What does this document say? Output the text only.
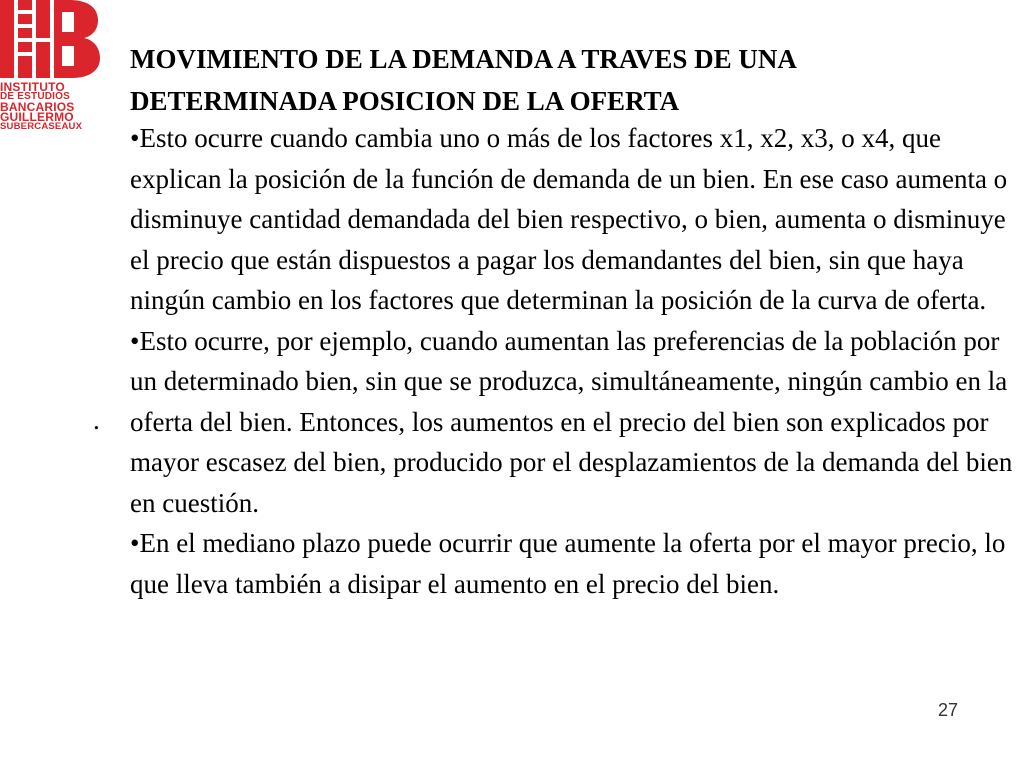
INSTITUTO
DE ESTUDIOS
BANCARIOS
GUILLERMO
SUBERCASEAUX
.
MOVIMIENTO DE LA DEMANDA A TRAVES DE UNA
DETERMINADA POSICION DE LA OFERTA

•Esto ocurre cuando cambia uno o más de los factores x1, x2, x3, o x4, que explican la posición de la función de demanda de un bien. En ese caso aumenta o disminuye cantidad demandada del bien respectivo, o bien, aumenta o disminuye el precio que están dispuestos a pagar los demandantes del bien, sin que haya ningún cambio en los factores que determinan la posición de la curva de oferta.

•Esto ocurre, por ejemplo, cuando aumentan las preferencias de la población por un determinado bien, sin que se produzca, simultáneamente, ningún cambio en la oferta del bien. Entonces, los aumentos en el precio del bien son explicados por mayor escasez del bien, producido por el desplazamientos de la demanda del bien en cuestión.

•En el mediano plazo puede ocurrir que aumente la oferta por el mayor precio, lo que lleva también a disipar el aumento en el precio del bien.

27
